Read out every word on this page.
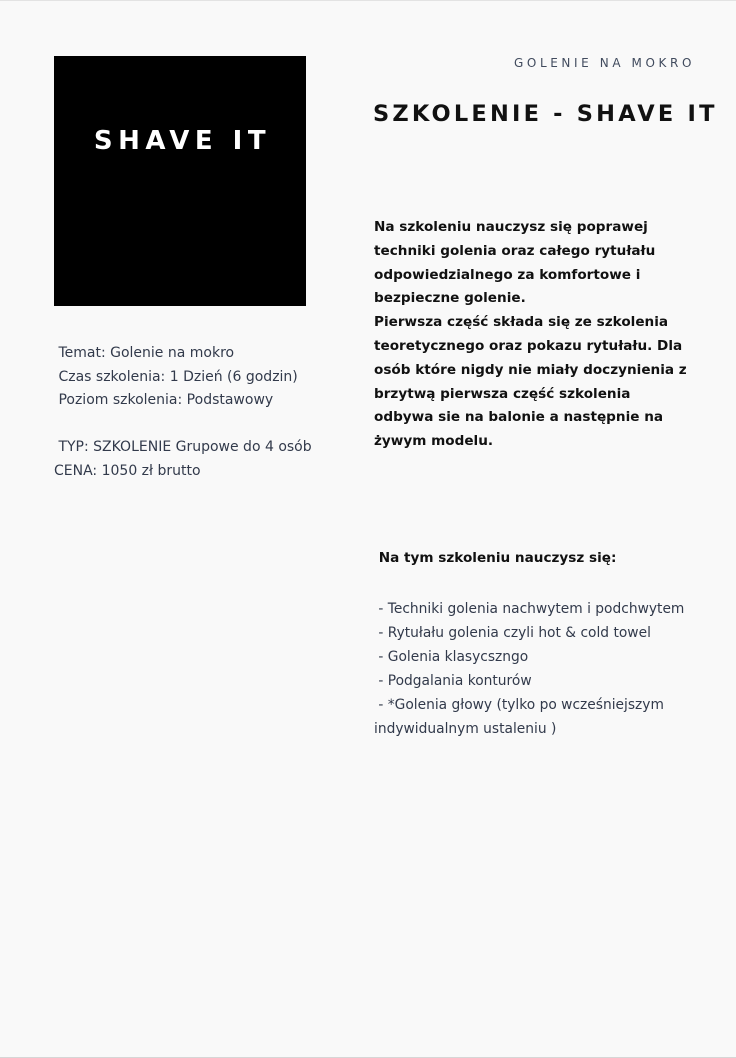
SHAVE IT
GOLENIE NA MOKRO
SZKOLENIE - SHAVE IT
Temat: Golenie na mokro
Czas szkolenia: 1 Dzień (6 godzin)
Poziom szkolenia: Podstawowy
TYP: SZKOLENIE Grupowe do 4 osób
CENA: 1050 zł brutto

Na szkoleniu nauczysz się poprawej techniki golenia oraz całego rytułału odpowiedzialnego za komfortowe i bezpieczne golenie.

Pierwsza część składa się ze szkolenia teoretycznego oraz pokazu rytułału. Dla osób które nigdy nie miały doczynienia z brzytwą pierwsza część szkolenia odbywa sie na balonie a następnie na żywym modelu.

Na tym szkoleniu nauczysz się:
- Techniki golenia nachwytem i podchwytem
- Rytułału golenia czyli hot & cold towel
- Golenia klasycszngo
- Podgalania konturów
- *Golenia głowy (tylko po wcześniejszym indywidualnym ustaleniu )
